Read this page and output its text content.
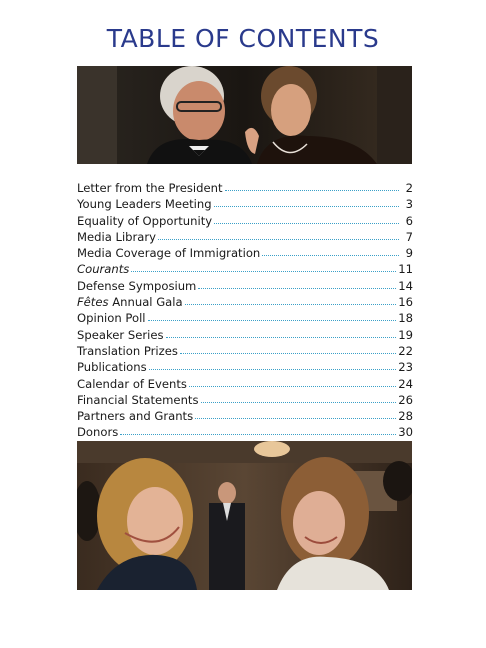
TABLE OF CONTENTS
Letter from the President	2
Young Leaders Meeting	3
Equality of Opportunity	6
Media Library	7
Media Coverage of Immigration	9
Courants	11
Defense Symposium	14
Fêtes Annual Gala	16
Opinion Poll	18
Speaker Series	19
Translation Prizes	22
Publications	23
Calendar of Events	24
Financial Statements	26
Partners and Grants	28
Donors	30
